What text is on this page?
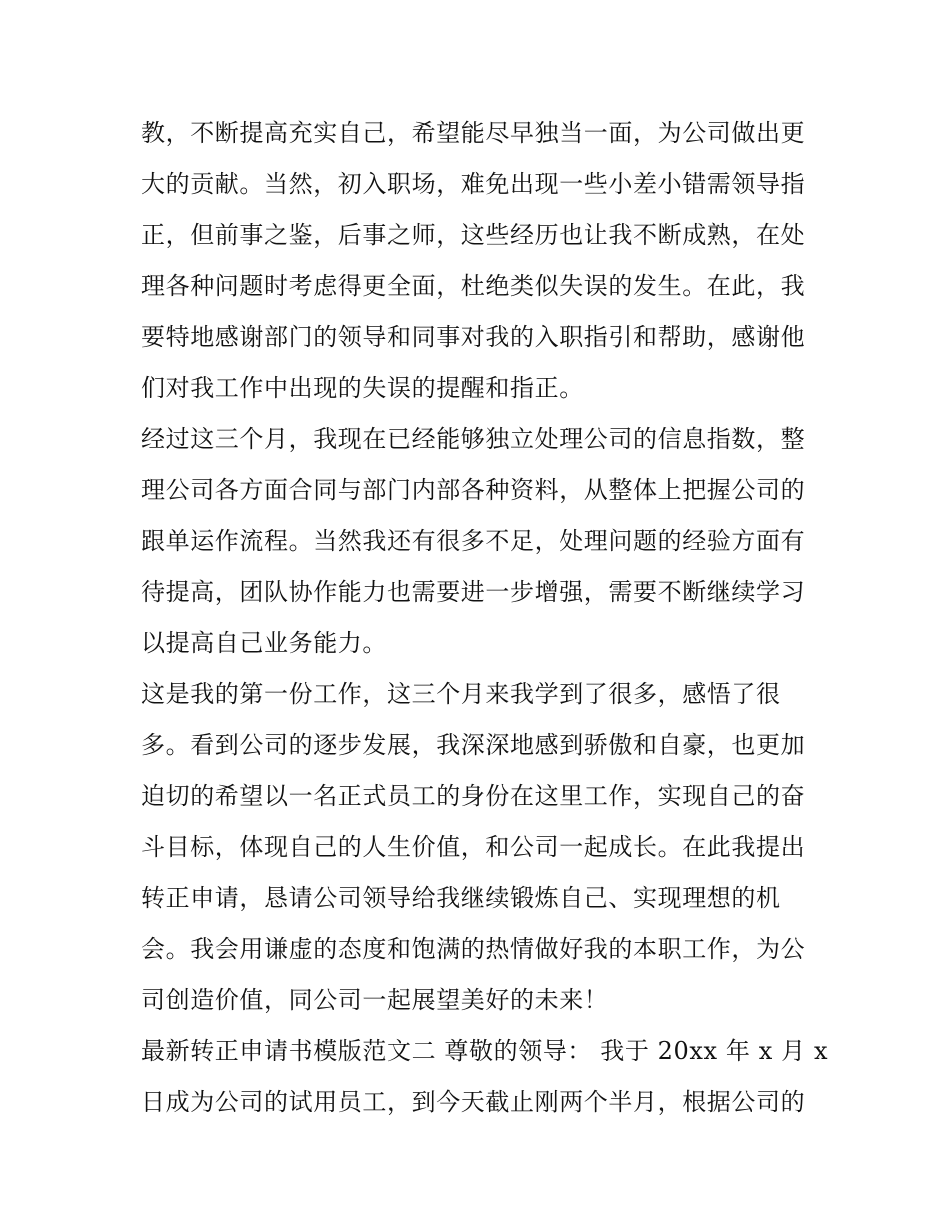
教，不断提高充实自己，希望能尽早独当一面，为公司做出更
大的贡献。当然，初入职场，难免出现一些小差小错需领导指
正，但前事之鉴，后事之师，这些经历也让我不断成熟，在处
理各种问题时考虑得更全面，杜绝类似失误的发生。在此，我
要特地感谢部门的领导和同事对我的入职指引和帮助，感谢他
们对我工作中出现的失误的提醒和指正。
经过这三个月，我现在已经能够独立处理公司的信息指数，整
理公司各方面合同与部门内部各种资料，从整体上把握公司的
跟单运作流程。当然我还有很多不足，处理问题的经验方面有
待提高，团队协作能力也需要进一步增强，需要不断继续学习
以提高自己业务能力。
这是我的第一份工作，这三个月来我学到了很多，感悟了很
多。看到公司的逐步发展，我深深地感到骄傲和自豪，也更加
迫切的希望以一名正式员工的身份在这里工作，实现自己的奋
斗目标，体现自己的人生价值，和公司一起成长。在此我提出
转正申请，恳请公司领导给我继续锻炼自己、实现理想的机
会。我会用谦虚的态度和饱满的热情做好我的本职工作，为公
司创造价值，同公司一起展望美好的未来！
最新转正申请书模版范文二 尊敬的领导： 我于 20xx 年 x 月 x
日成为公司的试用员工，到今天截止刚两个半月，根据公司的
